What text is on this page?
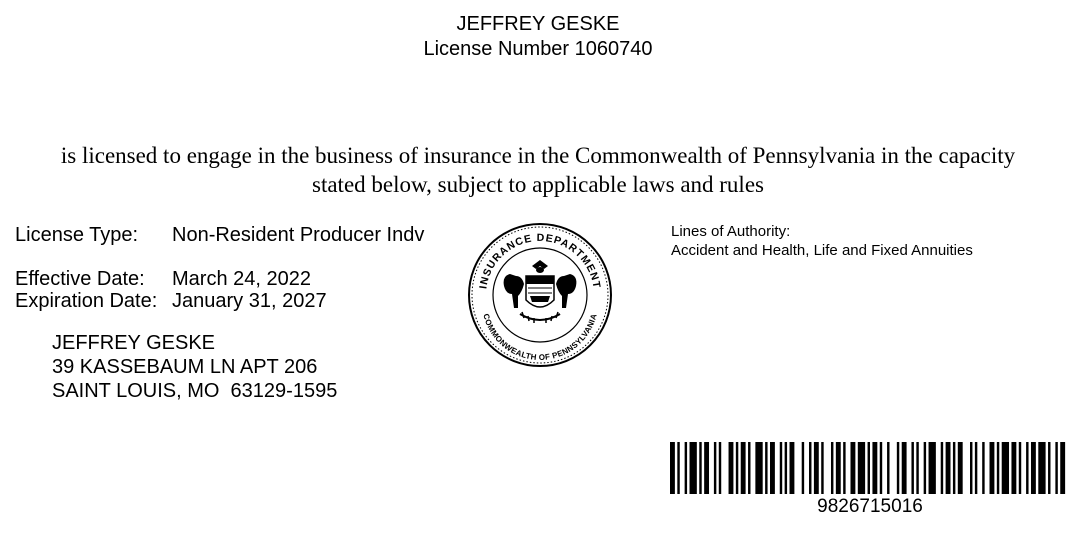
JEFFREY GESKE
License Number 1060740
is licensed to engage in the business of insurance in the Commonwealth of Pennsylvania in the capacity
stated below, subject to applicable laws and rules
License Type: Non-Resident Producer Indv
Effective Date: March 24, 2022
Expiration Date: January 31, 2027
JEFFREY GESKE
39 KASSEBAUM LN APT 206
SAINT LOUIS, MO  63129-1595
Lines of Authority:
Accident and Health, Life and Fixed Annuities
INSURANCE DEPARTMENT
COMMONWEALTH OF PENNSYLVANIA
9826715016
